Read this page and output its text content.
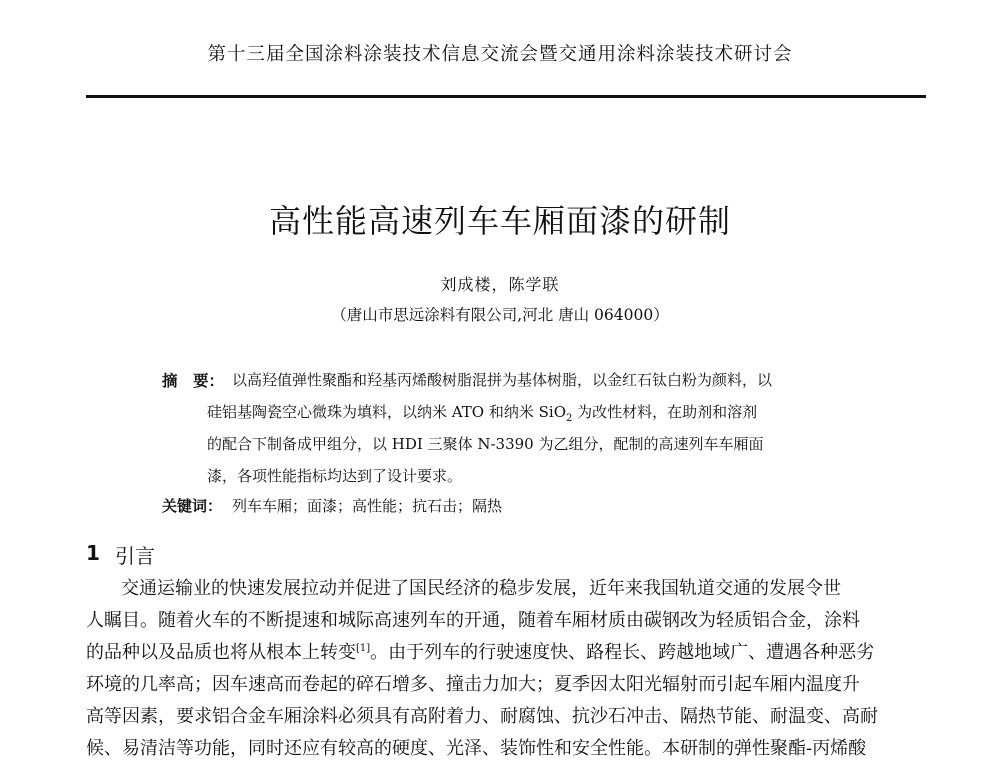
第十三届全国涂料涂装技术信息交流会暨交通用涂料涂装技术研讨会
高性能高速列车车厢面漆的研制
刘成楼，陈学联
（唐山市思远涂料有限公司,河北 唐山 064000）
摘　要： 以高羟值弹性聚酯和羟基丙烯酸树脂混拼为基体树脂，以金红石钛白粉为颜料，以
硅铝基陶瓷空心微珠为填料，以纳米 ATO 和纳米 SiO$_2$ 为改性材料，在助剂和溶剂
的配合下制备成甲组分，以 HDI 三聚体 N-3390 为乙组分，配制的高速列车车厢面
漆，各项性能指标均达到了设计要求。
关键词： 列车车厢；面漆；高性能；抗石击；隔热
1 引言
交通运输业的快速发展拉动并促进了国民经济的稳步发展，近年来我国轨道交通的发展令世
人瞩目。随着火车的不断提速和城际高速列车的开通，随着车厢材质由碳钢改为轻质铝合金，涂料
的品种以及品质也将从根本上转变[1]。由于列车的行驶速度快、路程长、跨越地域广、遭遇各种恶劣
环境的几率高；因车速高而卷起的碎石增多、撞击力加大；夏季因太阳光辐射而引起车厢内温度升
高等因素，要求铝合金车厢涂料必须具有高附着力、耐腐蚀、抗沙石冲击、隔热节能、耐温变、高耐
候、易清洁等功能，同时还应有较高的硬度、光泽、装饰性和安全性能。本研制的弹性聚酯-丙烯酸
